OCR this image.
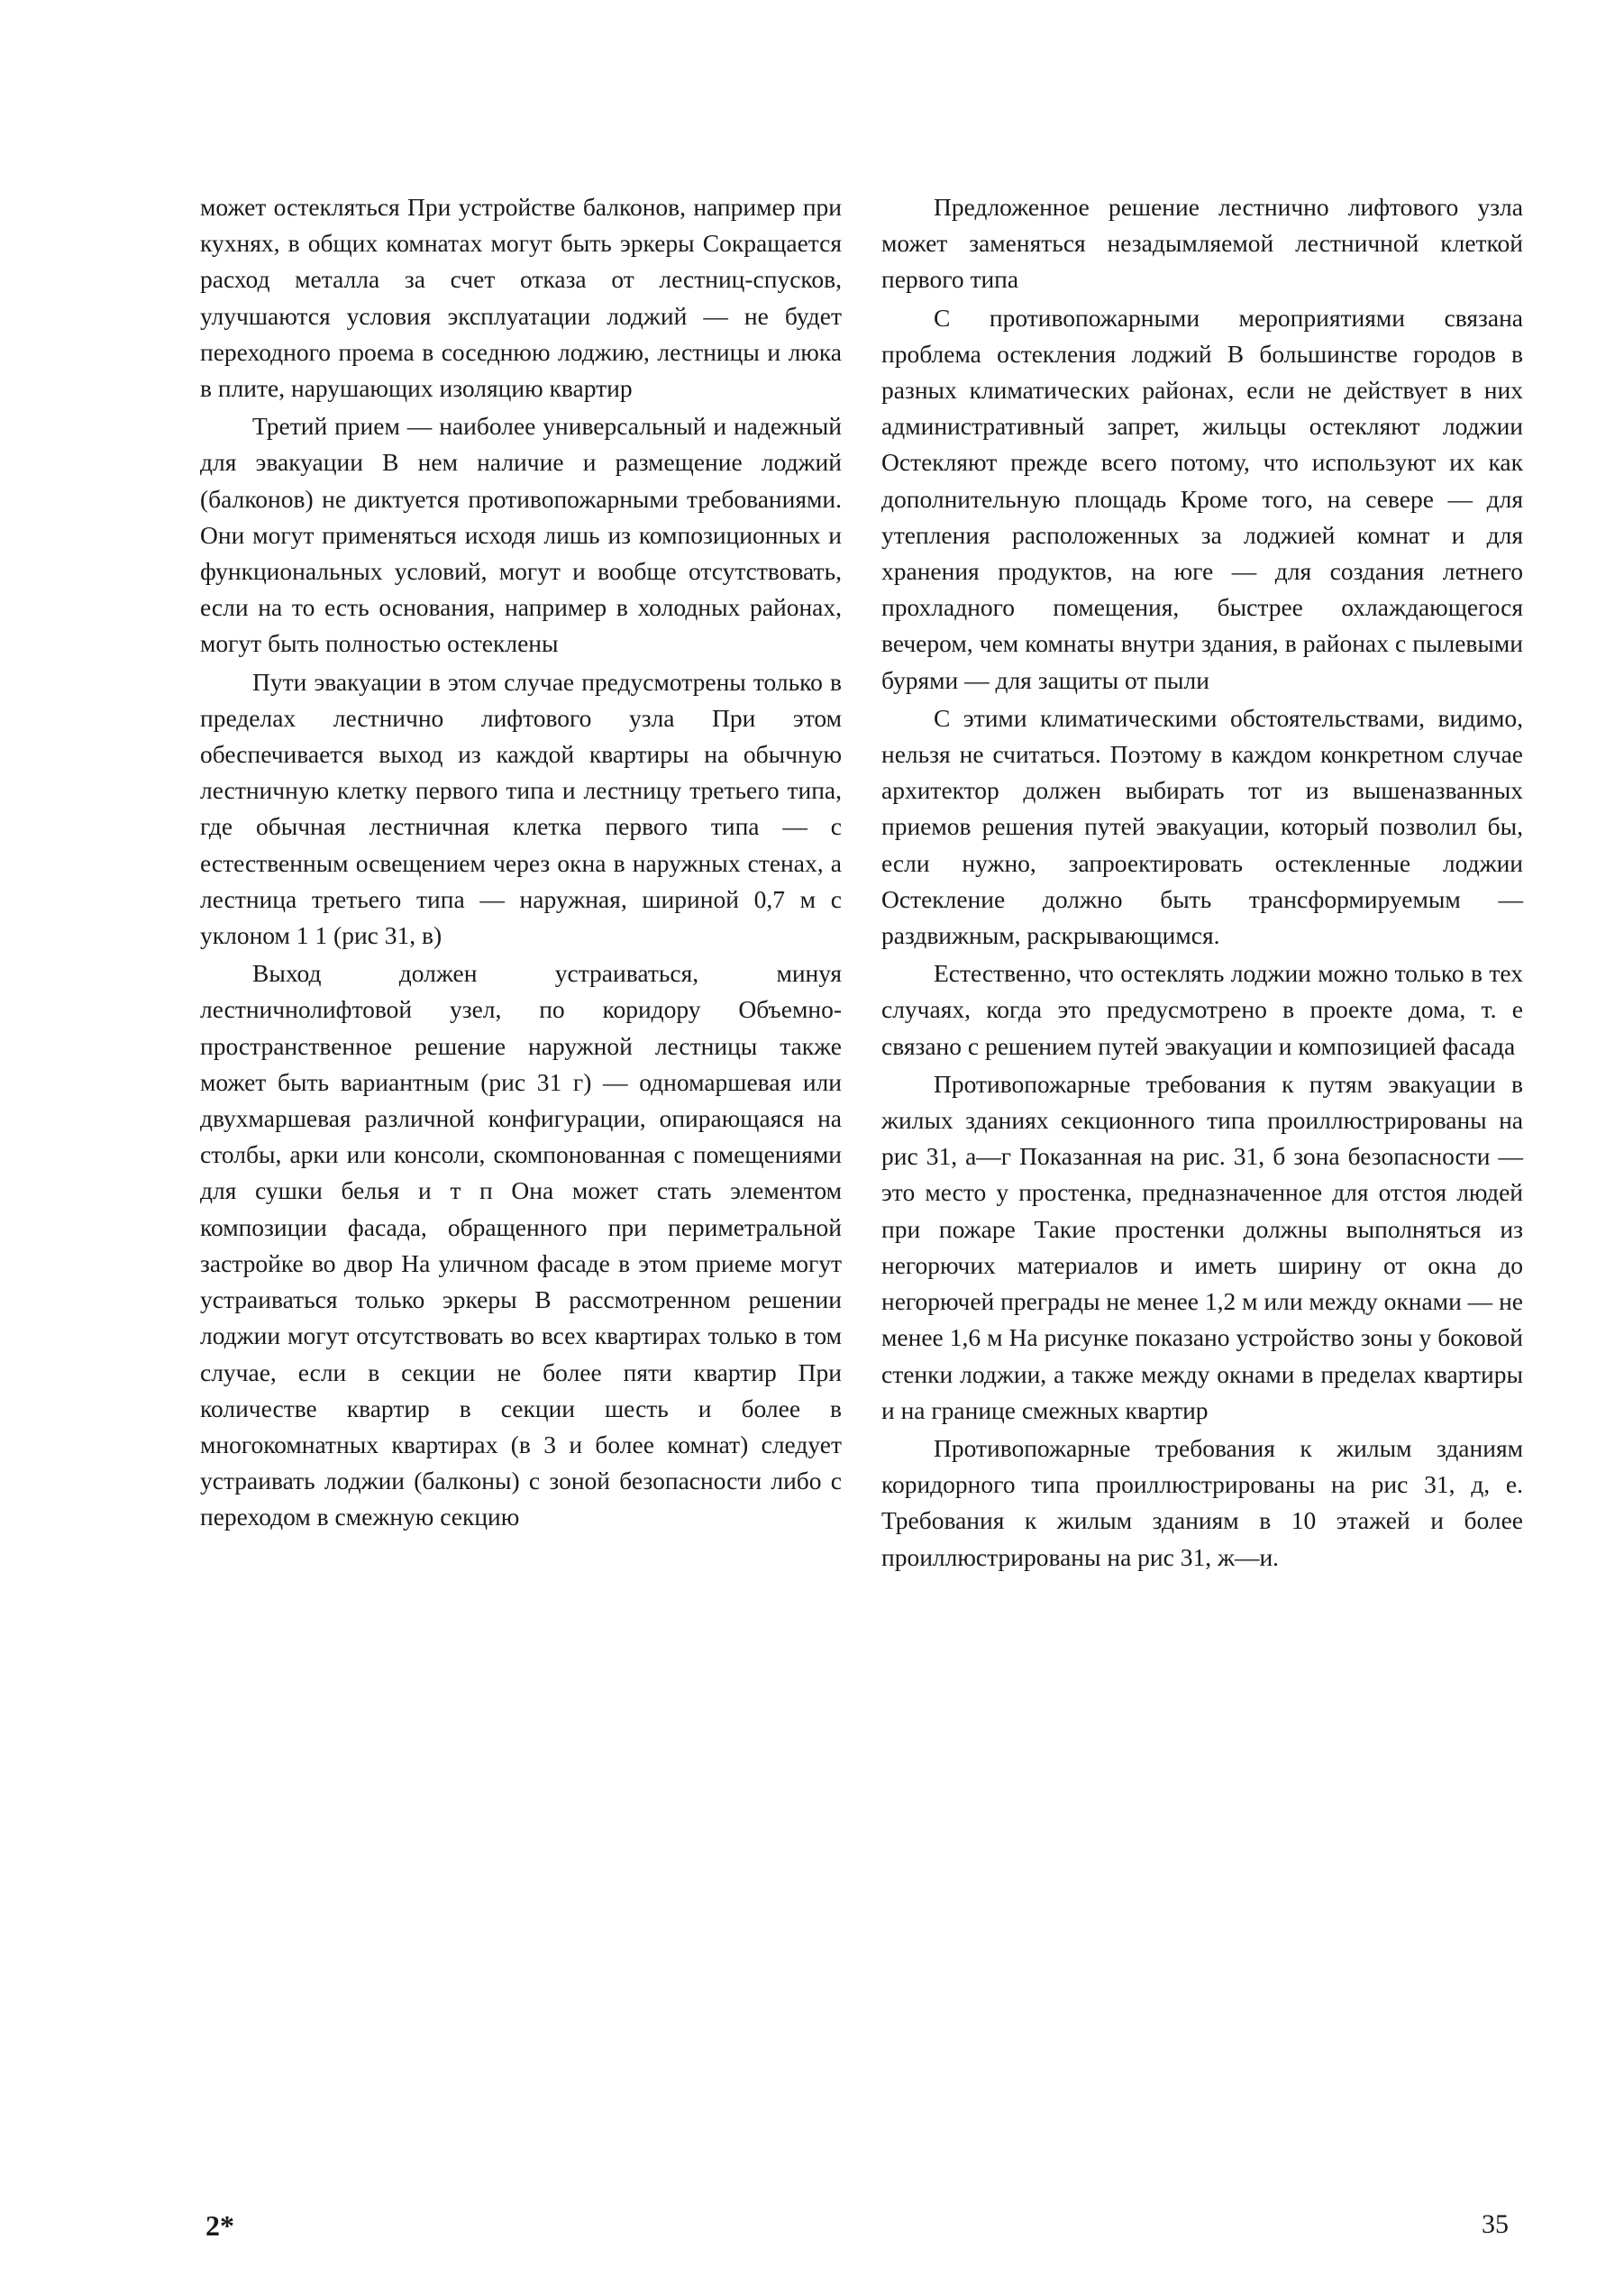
может остекляться При устройстве балконов, например при кухнях, в общих комнатах могут быть эркеры Сокращается расход металла за счет отказа от лестниц-спусков, улучшаются условия эксплуатации лоджий — не будет переходного проема в соседнюю лоджию, лестницы и люка в плите, нарушающих изоляцию квартир

Третий прием — наиболее универсальный и надежный для эвакуации В нем наличие и размещение лоджий (балконов) не диктуется противопожарными требованиями. Они могут применяться исходя лишь из композиционных и функциональных условий, могут и вообще отсутствовать, если на то есть основания, например в холодных районах, могут быть полностью остеклены

Пути эвакуации в этом случае предусмотрены только в пределах лестнично лифтового узла При этом обеспечивается выход из каждой квартиры на обычную лестничную клетку первого типа и лестницу третьего типа, где обычная лестничная клетка первого типа — с естественным освещением через окна в наружных стенах, а лестница третьего типа — наружная, шириной 0,7 м с уклоном 1 1 (рис 31, в)

Выход должен устраиваться, минуя лестничнолифтовой узел, по коридору Объемно-пространственное решение наружной лестницы также может быть вариантным (рис 31 г) — одномаршевая или двухмаршевая различной конфигурации, опирающаяся на столбы, арки или консоли, скомпонованная с помещениями для сушки белья и т п Она может стать элементом композиции фасада, обращенного при периметральной застройке во двор На уличном фасаде в этом приеме могут устраиваться только эркеры В рассмотренном решении лоджии могут отсутствовать во всех квартирах только в том случае, если в секции не более пяти квартир При количестве квартир в секции шесть и более в многокомнатных квартирах (в 3 и более комнат) следует устраивать лоджии (балконы) с зоной безопасности либо с переходом в смежную секцию

Предложенное решение лестнично лифтового узла может заменяться незадымляемой лестничной клеткой первого типа

С противопожарными мероприятиями связана проблема остекления лоджий В большинстве городов в разных климатических районах, если не действует в них административный запрет, жильцы остекляют лоджии Остекляют прежде всего потому, что используют их как дополнительную площадь Кроме того, на севере — для утепления расположенных за лоджией комнат и для хранения продуктов, на юге — для создания летнего прохладного помещения, быстрее охлаждающегося вечером, чем комнаты внутри здания, в районах с пылевыми бурями — для защиты от пыли

С этими климатическими обстоятельствами, видимо, нельзя не считаться. Поэтому в каждом конкретном случае архитектор должен выбирать тот из вышеназванных приемов решения путей эвакуации, который позволил бы, если нужно, запроектировать остекленные лоджии Остекление должно быть трансформируемым — раздвижным, раскрывающимся.

Естественно, что остеклять лоджии можно только в тех случаях, когда это предусмотрено в проекте дома, т. е связано с решением путей эвакуации и композицией фасада

Противопожарные требования к путям эвакуации в жилых зданиях секционного типа проиллюстрированы на рис 31, а—г Показанная на рис. 31, б зона безопасности — это место у простенка, предназначенное для отстоя людей при пожаре Такие простенки должны выполняться из негорючих материалов и иметь ширину от окна до негорючей преграды не менее 1,2 м или между окнами — не менее 1,6 м На рисунке показано устройство зоны у боковой стенки лоджии, а также между окнами в пределах квартиры и на границе смежных квартир

Противопожарные требования к жилым зданиям коридорного типа проиллюстрированы на рис 31, д, е. Требования к жилым зданиям в 10 этажей и более проиллюстрированы на рис 31, ж—и.

2*	35
